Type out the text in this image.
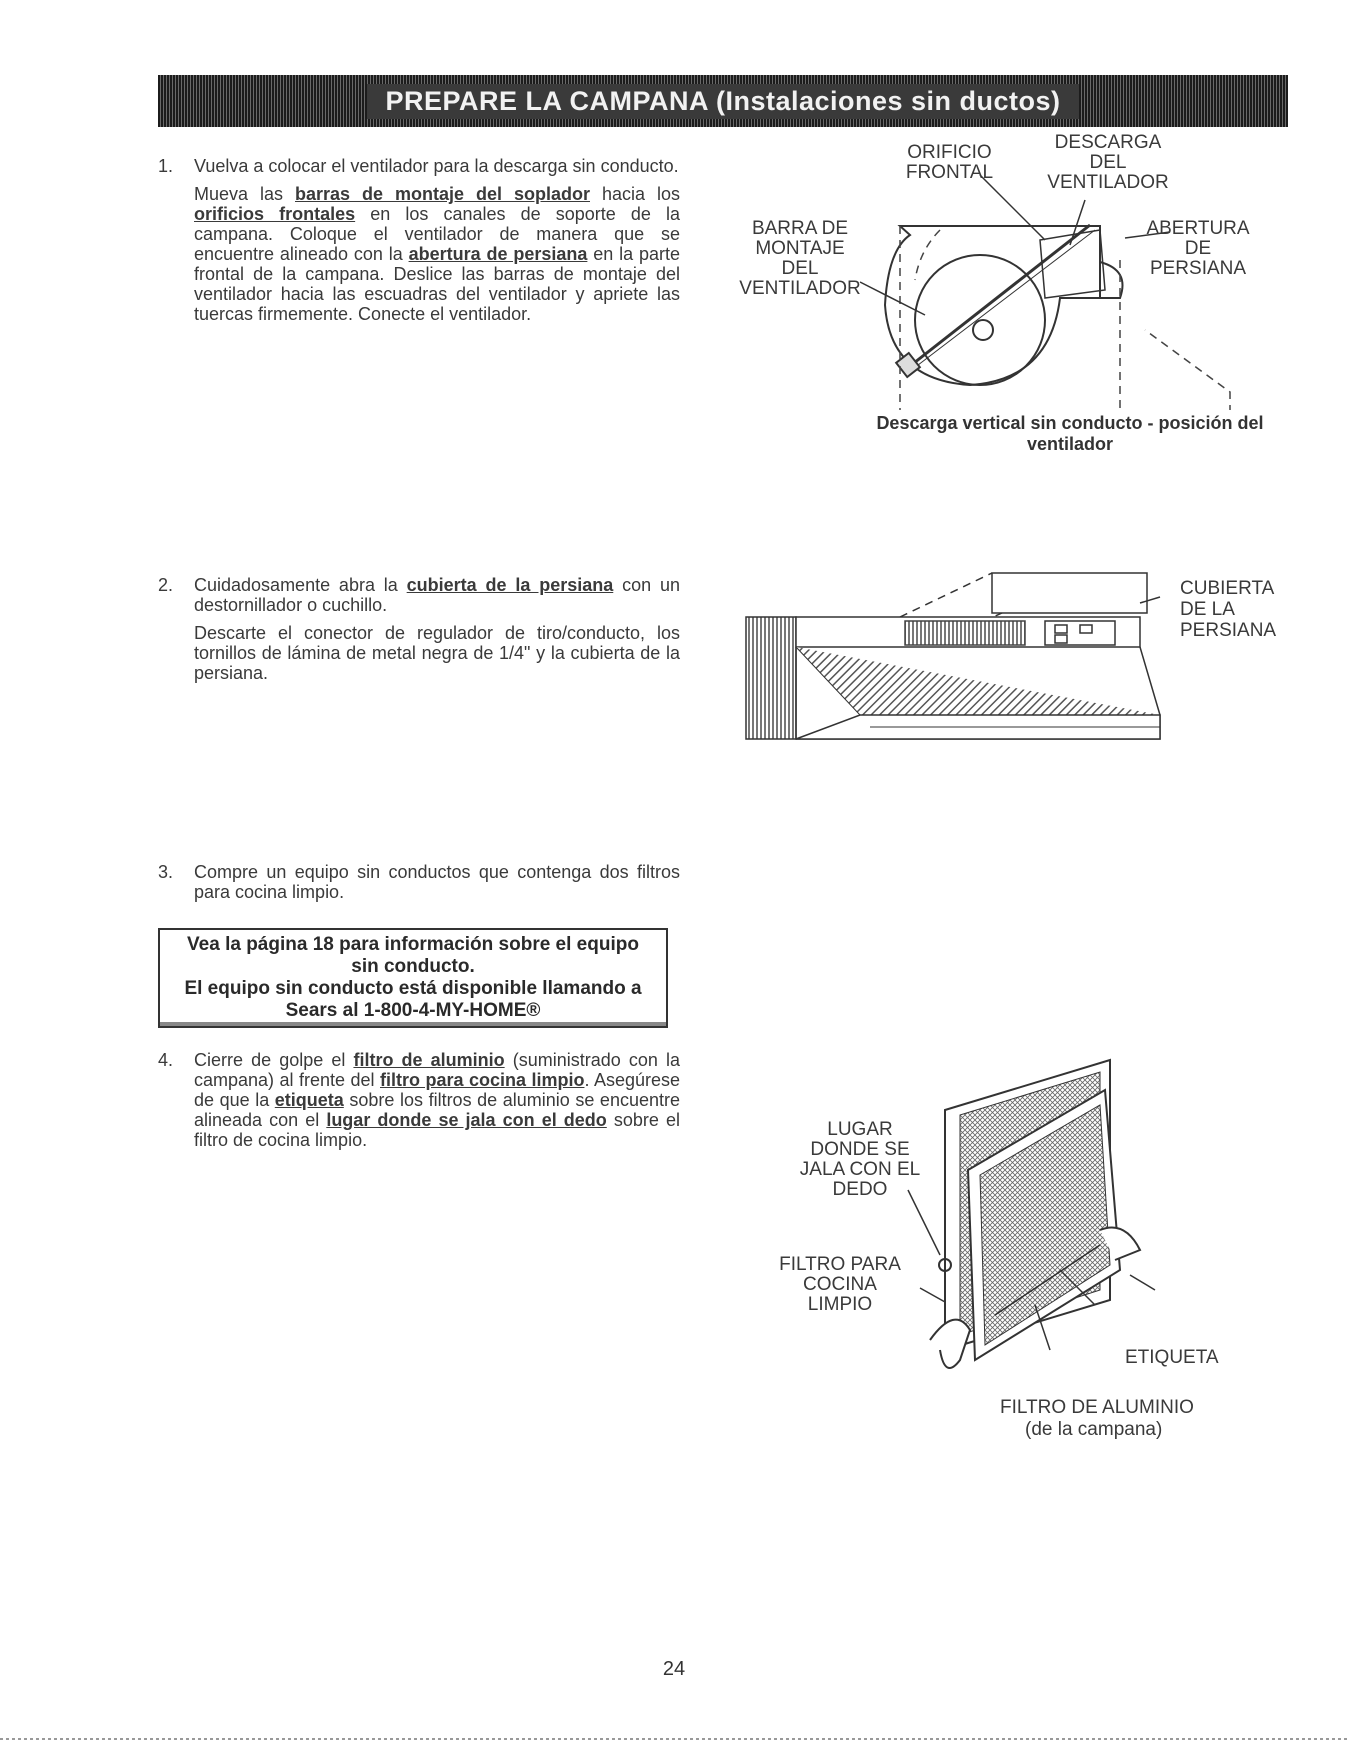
PREPARE LA CAMPANA (Instalaciones sin ductos)
1. Vuelva a colocar el ventilador para la descarga sin conducto.

Mueva las barras de montaje del soplador hacia los orificios frontales en los canales de soporte de la campana. Coloque el ventilador de manera que se encuentre alineado con la abertura de persiana en la parte frontal de la campana. Deslice las barras de montaje del ventilador hacia las escuadras del ventilador y apriete las tuercas firmemente. Conecte el ventilador.

ORIFICIO
FRONTAL
DESCARGA
DEL
VENTILADOR
BARRA DE
MONTAJE
DEL
VENTILADOR
ABERTURA
DE
PERSIANA
Descarga vertical sin conducto - posición del ventilador
2. Cuidadosamente abra la cubierta de la persiana con un destornillador o cuchillo.

Descarte el conector de regulador de tiro/conducto, los tornillos de lámina de metal negra de 1/4" y la cubierta de la persiana.

CUBIERTA
DE LA
PERSIANA
3. Compre un equipo sin conductos que contenga dos filtros para cocina limpio.

Vea la página 18 para información sobre el equipo
sin conducto.
El equipo sin conducto está disponible llamando a
Sears al 1-800-4-MY-HOME®
4. Cierre de golpe el filtro de aluminio (suministrado con la campana) al frente del filtro para cocina limpio. Asegúrese de que la etiqueta sobre los filtros de aluminio se encuentre alineada con el lugar donde se jala con el dedo sobre el filtro de cocina limpio.	LUGAR
DONDE SE
JALA CON EL
DEDO
FILTRO PARA
COCINA
LIMPIO
ETIQUETA
FILTRO DE ALUMINIO
(de la campana)
24
